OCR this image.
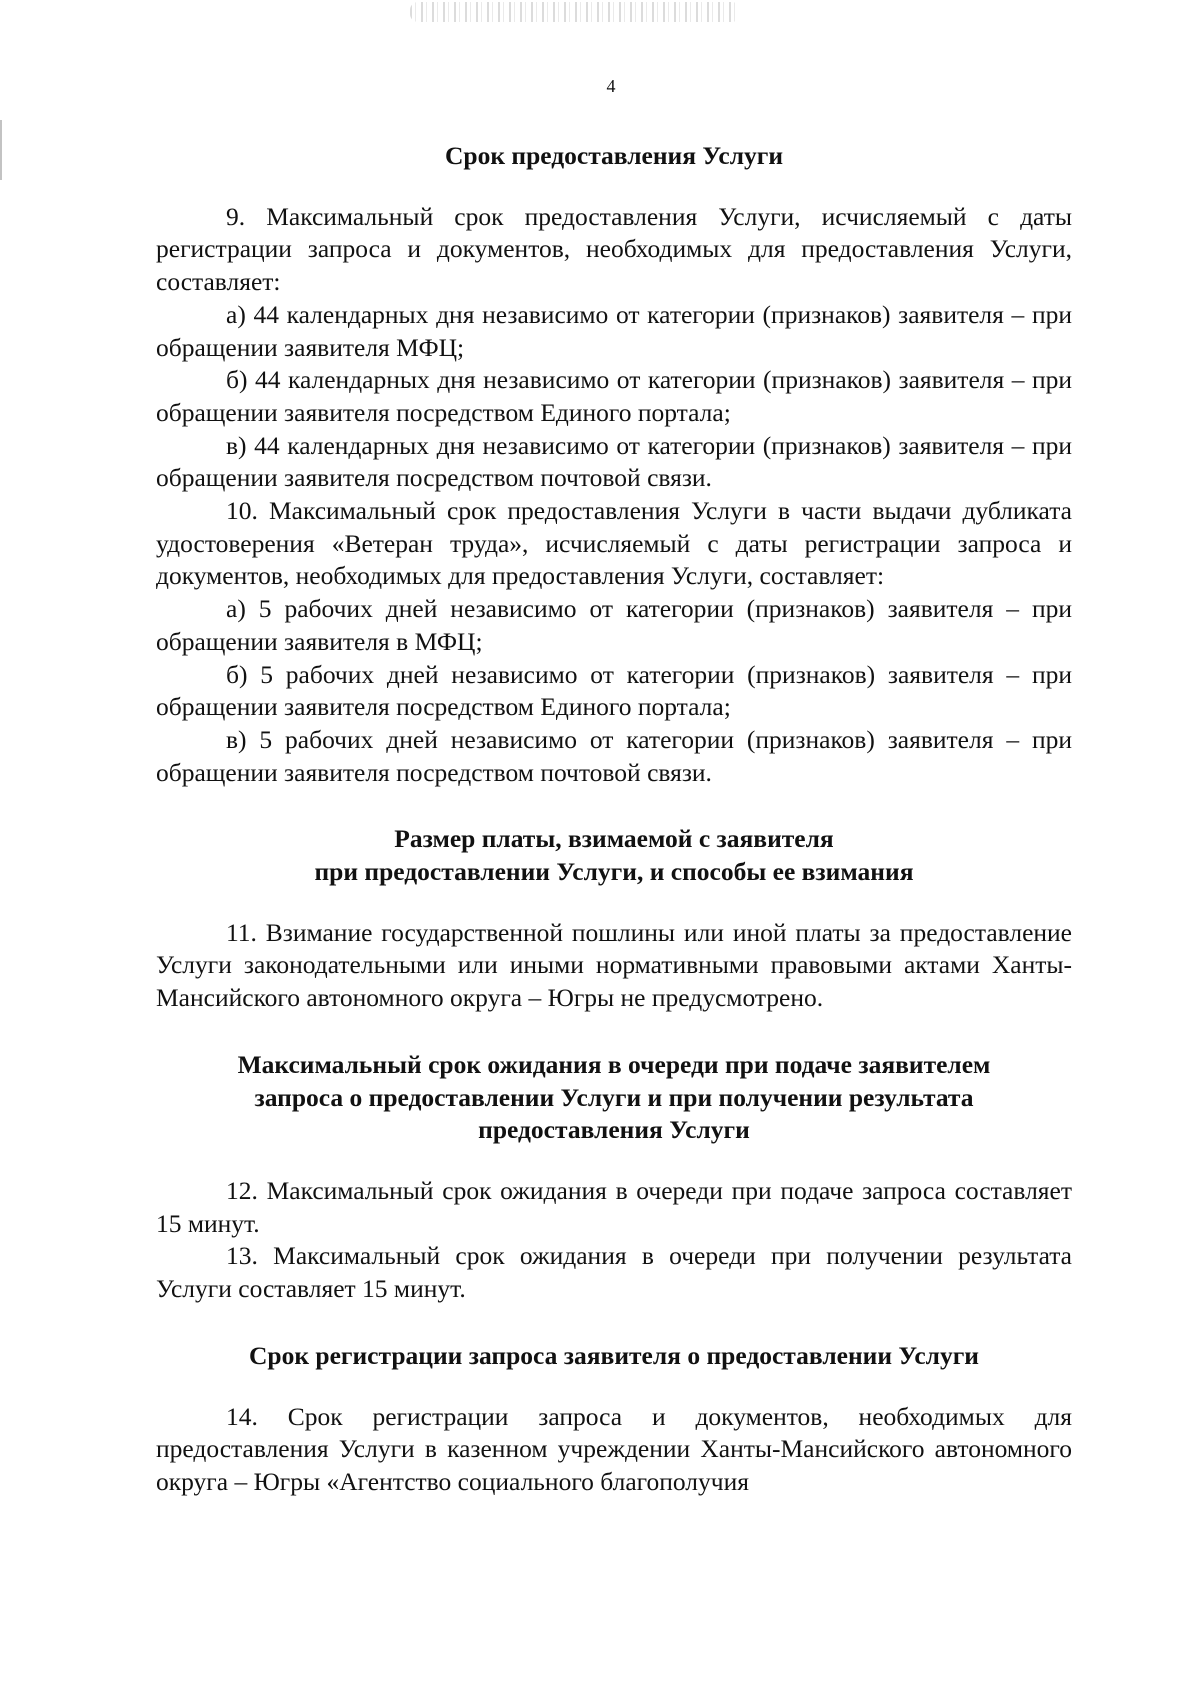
4
Срок предоставления Услуги

9. Максимальный срок предоставления Услуги, исчисляемый с даты регистрации запроса и документов, необходимых для предоставления Услуги, составляет:

а) 44 календарных дня независимо от категории (признаков) заявителя – при обращении заявителя МФЦ;

б) 44 календарных дня независимо от категории (признаков) заявителя – при обращении заявителя посредством Единого портала;

в) 44 календарных дня независимо от категории (признаков) заявителя – при обращении заявителя посредством почтовой связи.

10. Максимальный срок предоставления Услуги в части выдачи дубликата удостоверения «Ветеран труда», исчисляемый с даты регистрации запроса и документов, необходимых для предоставления Услуги, составляет:

а) 5 рабочих дней независимо от категории (признаков) заявителя – при обращении заявителя в МФЦ;

б) 5 рабочих дней независимо от категории (признаков) заявителя – при обращении заявителя посредством Единого портала;

в) 5 рабочих дней независимо от категории (признаков) заявителя – при обращении заявителя посредством почтовой связи.

Размер платы, взимаемой с заявителя
при предоставлении Услуги, и способы ее взимания

11. Взимание государственной пошлины или иной платы за предоставление Услуги законодательными или иными нормативными правовыми актами Ханты-Мансийского автономного округа – Югры не предусмотрено.

Максимальный срок ожидания в очереди при подаче заявителем
запроса о предоставлении Услуги и при получении результата
предоставления Услуги

12. Максимальный срок ожидания в очереди при подаче запроса составляет 15 минут.

13. Максимальный срок ожидания в очереди при получении результата Услуги составляет 15 минут.

Срок регистрации запроса заявителя о предоставлении Услуги

14. Срок регистрации запроса и документов, необходимых для предоставления Услуги в казенном учреждении Ханты-Мансийского автономного округа – Югры «Агентство социального благополучия
